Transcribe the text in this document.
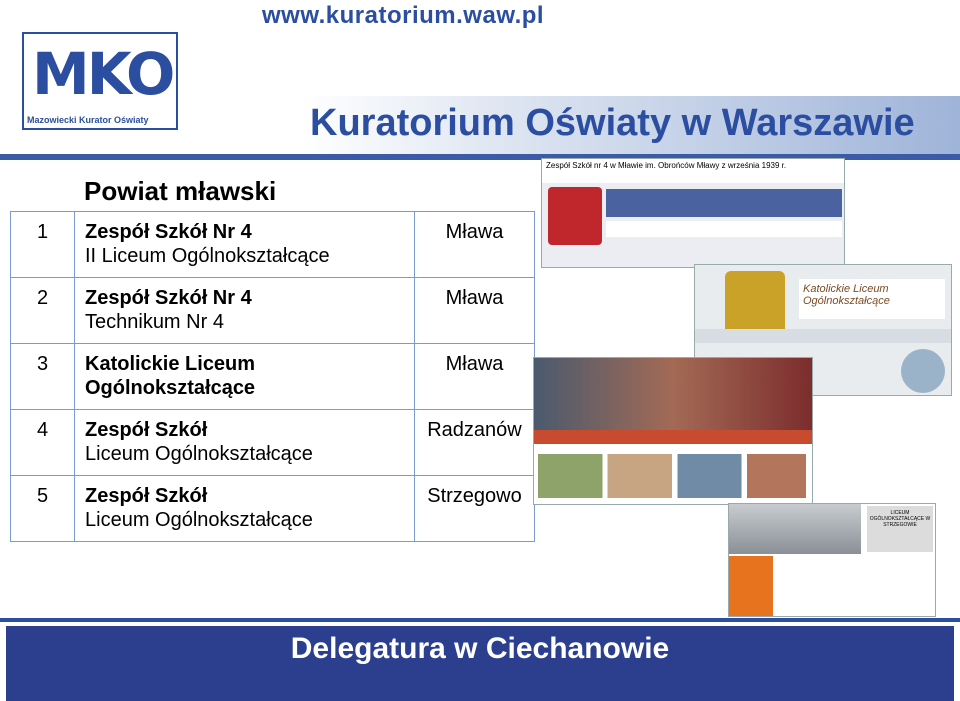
www.kuratorium.waw.pl
MKO
Mazowiecki Kurator Oświaty	Kuratorium Oświaty w Warszawie
Powiat mławski
1	Zespół Szkół Nr 4
II Liceum Ogólnokształcące	Mława
2	Zespół Szkół Nr 4
Technikum Nr 4	Mława
3	Katolickie Liceum
Ogólnokształcące	Mława
4	Zespół Szkół
Liceum Ogólnokształcące	Radzanów
5	Zespół Szkół
Liceum Ogólnokształcące	Strzegowo
Zespół Szkół nr 4 w Mławie im. Obrońców Mławy z września 1939 r.
Katolickie Liceum Ogólnokształcące
LICEUM OGÓLNOKSZTAŁCĄCE W STRZEGOWIE
Delegatura w Ciechanowie
